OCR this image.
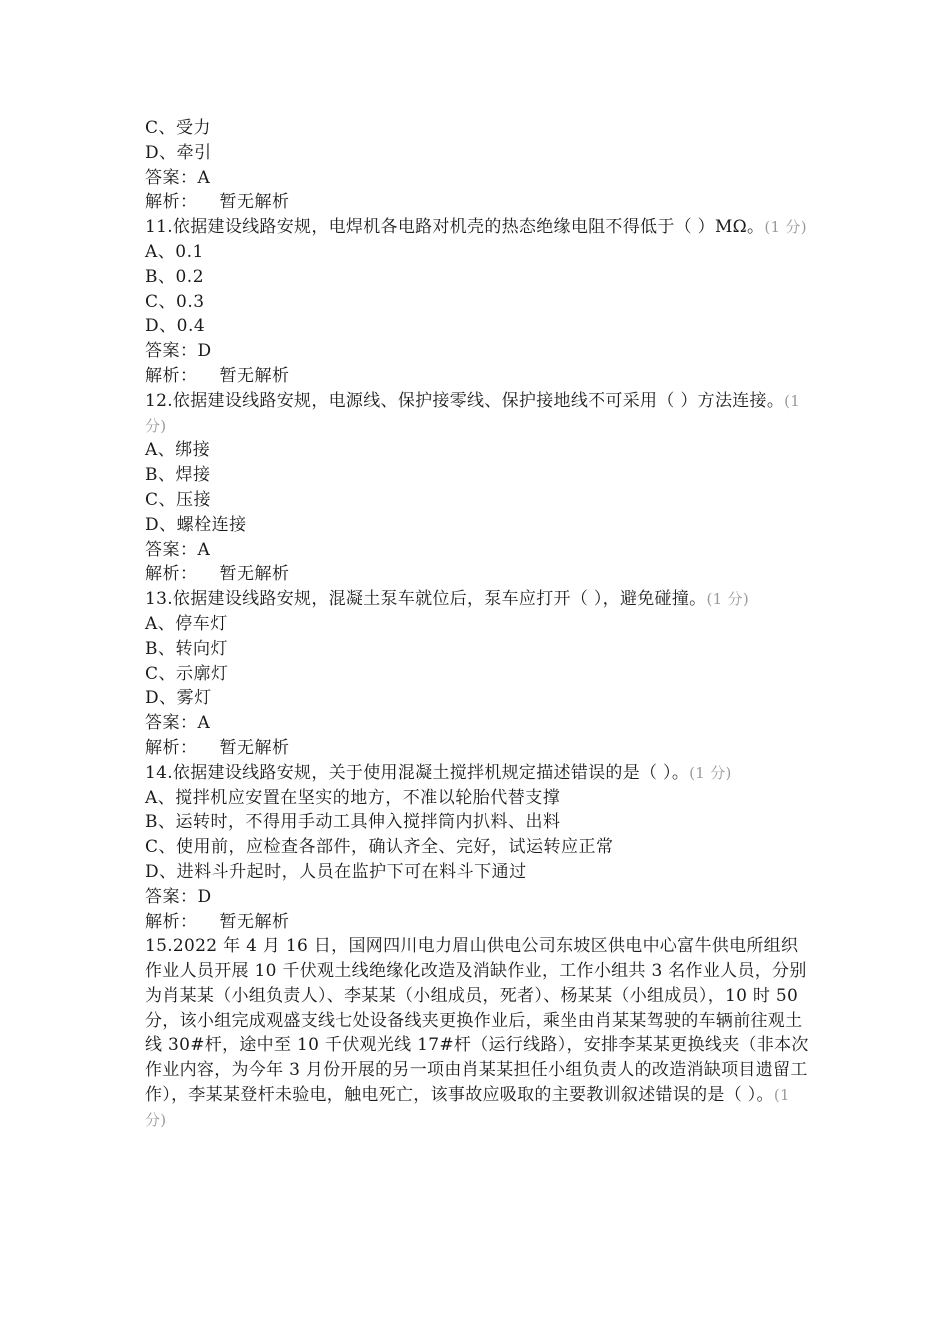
C、受力
D、牵引
答案：A
解析： 暂无解析
11.依据建设线路安规，电焊机各电路对机壳的热态绝缘电阻不得低于（ ）MΩ。(1 分)
A、0.1
B、0.2
C、0.3
D、0.4
答案：D
解析： 暂无解析
12.依据建设线路安规，电源线、保护接零线、保护接地线不可采用（ ）方法连接。(1 分)
A、绑接
B、焊接
C、压接
D、螺栓连接
答案：A
解析： 暂无解析
13.依据建设线路安规，混凝土泵车就位后，泵车应打开（ ），避免碰撞。(1 分)
A、停车灯
B、转向灯
C、示廓灯
D、雾灯
答案：A
解析： 暂无解析
14.依据建设线路安规，关于使用混凝土搅拌机规定描述错误的是（ ）。(1 分)
A、搅拌机应安置在坚实的地方，不准以轮胎代替支撑
B、运转时，不得用手动工具伸入搅拌筒内扒料、出料
C、使用前，应检查各部件，确认齐全、完好，试运转应正常
D、进料斗升起时，人员在监护下可在料斗下通过
答案：D
解析： 暂无解析
15.2022 年 4 月 16 日，国网四川电力眉山供电公司东坡区供电中心富牛供电所组织作业人员开展 10 千伏观土线绝缘化改造及消缺作业，工作小组共 3 名作业人员，分别为肖某某（小组负责人）、李某某（小组成员，死者）、杨某某（小组成员），10 时 50 分，该小组完成观盛支线七处设备线夹更换作业后，乘坐由肖某某驾驶的车辆前往观土线 30#杆，途中至 10 千伏观光线 17#杆（运行线路），安排李某某更换线夹（非本次作业内容，为今年 3 月份开展的另一项由肖某某担任小组负责人的改造消缺项目遗留工作），李某某登杆未验电，触电死亡，该事故应吸取的主要教训叙述错误的是（ ）。(1 分)
